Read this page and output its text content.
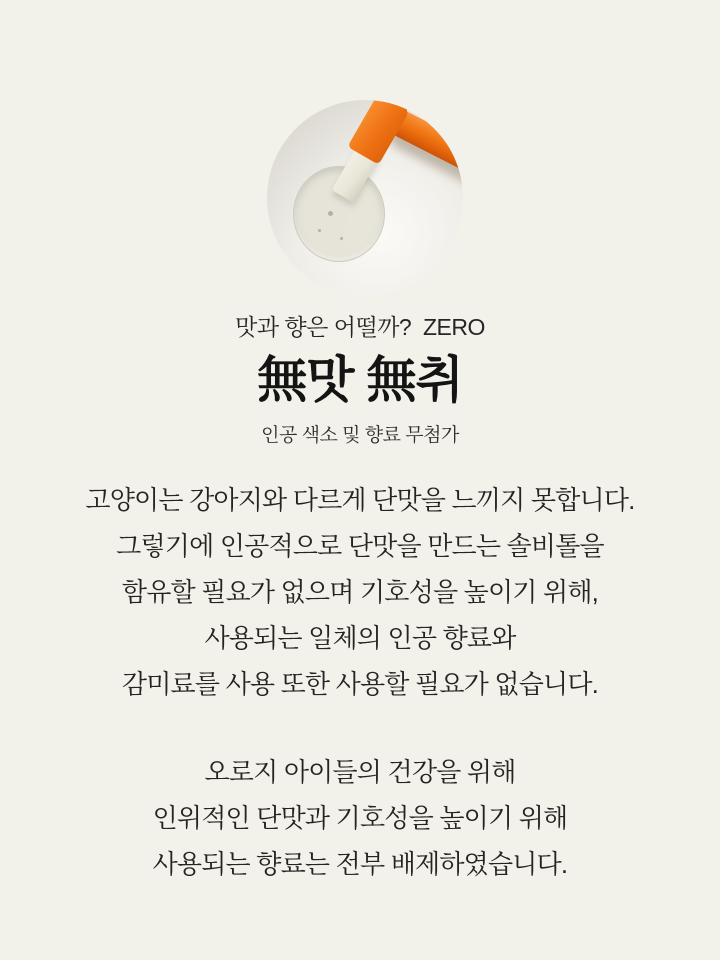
맛과 향은 어떨까?  ZERO
無맛 無취
인공 색소 및 향료 무첨가
고양이는 강아지와 다르게 단맛을 느끼지 못합니다.
그렇기에 인공적으로 단맛을 만드는 솔비톨을
함유할 필요가 없으며 기호성을 높이기 위해,
사용되는 일체의 인공 향료와
감미료를 사용 또한 사용할 필요가 없습니다.
오로지 아이들의 건강을 위해
인위적인 단맛과 기호성을 높이기 위해
사용되는 향료는 전부 배제하였습니다.
